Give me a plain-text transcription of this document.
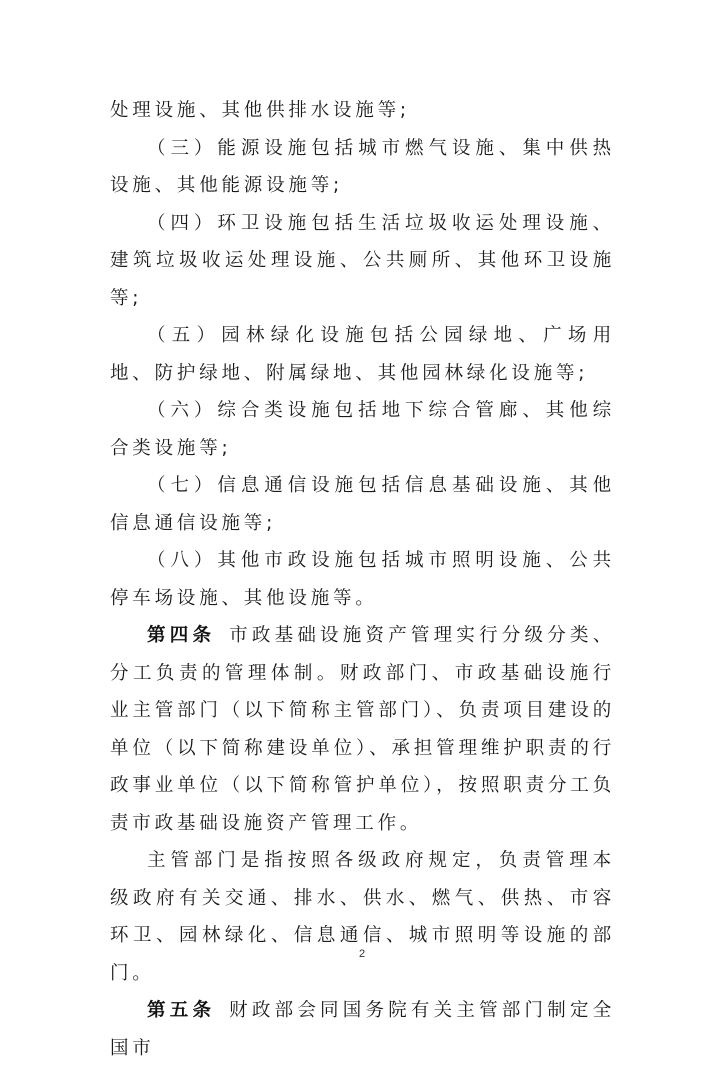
处理设施、其他供排水设施等;

（三）能源设施包括城市燃气设施、集中供热设施、其他能源设施等;

（四）环卫设施包括生活垃圾收运处理设施、建筑垃圾收运处理设施、公共厕所、其他环卫设施等;

（五）园林绿化设施包括公园绿地、广场用地、防护绿地、附属绿地、其他园林绿化设施等;

（六）综合类设施包括地下综合管廊、其他综合类设施等;

（七）信息通信设施包括信息基础设施、其他信息通信设施等;

（八）其他市政设施包括城市照明设施、公共停车场设施、其他设施等。

第四条 市政基础设施资产管理实行分级分类、分工负责的管理体制。财政部门、市政基础设施行业主管部门（以下简称主管部门）、负责项目建设的单位（以下简称建设单位）、承担管理维护职责的行政事业单位（以下简称管护单位），按照职责分工负责市政基础设施资产管理工作。

主管部门是指按照各级政府规定，负责管理本级政府有关交通、排水、供水、燃气、供热、市容环卫、园林绿化、信息通信、城市照明等设施的部门。

第五条 财政部会同国务院有关主管部门制定全国市

2
